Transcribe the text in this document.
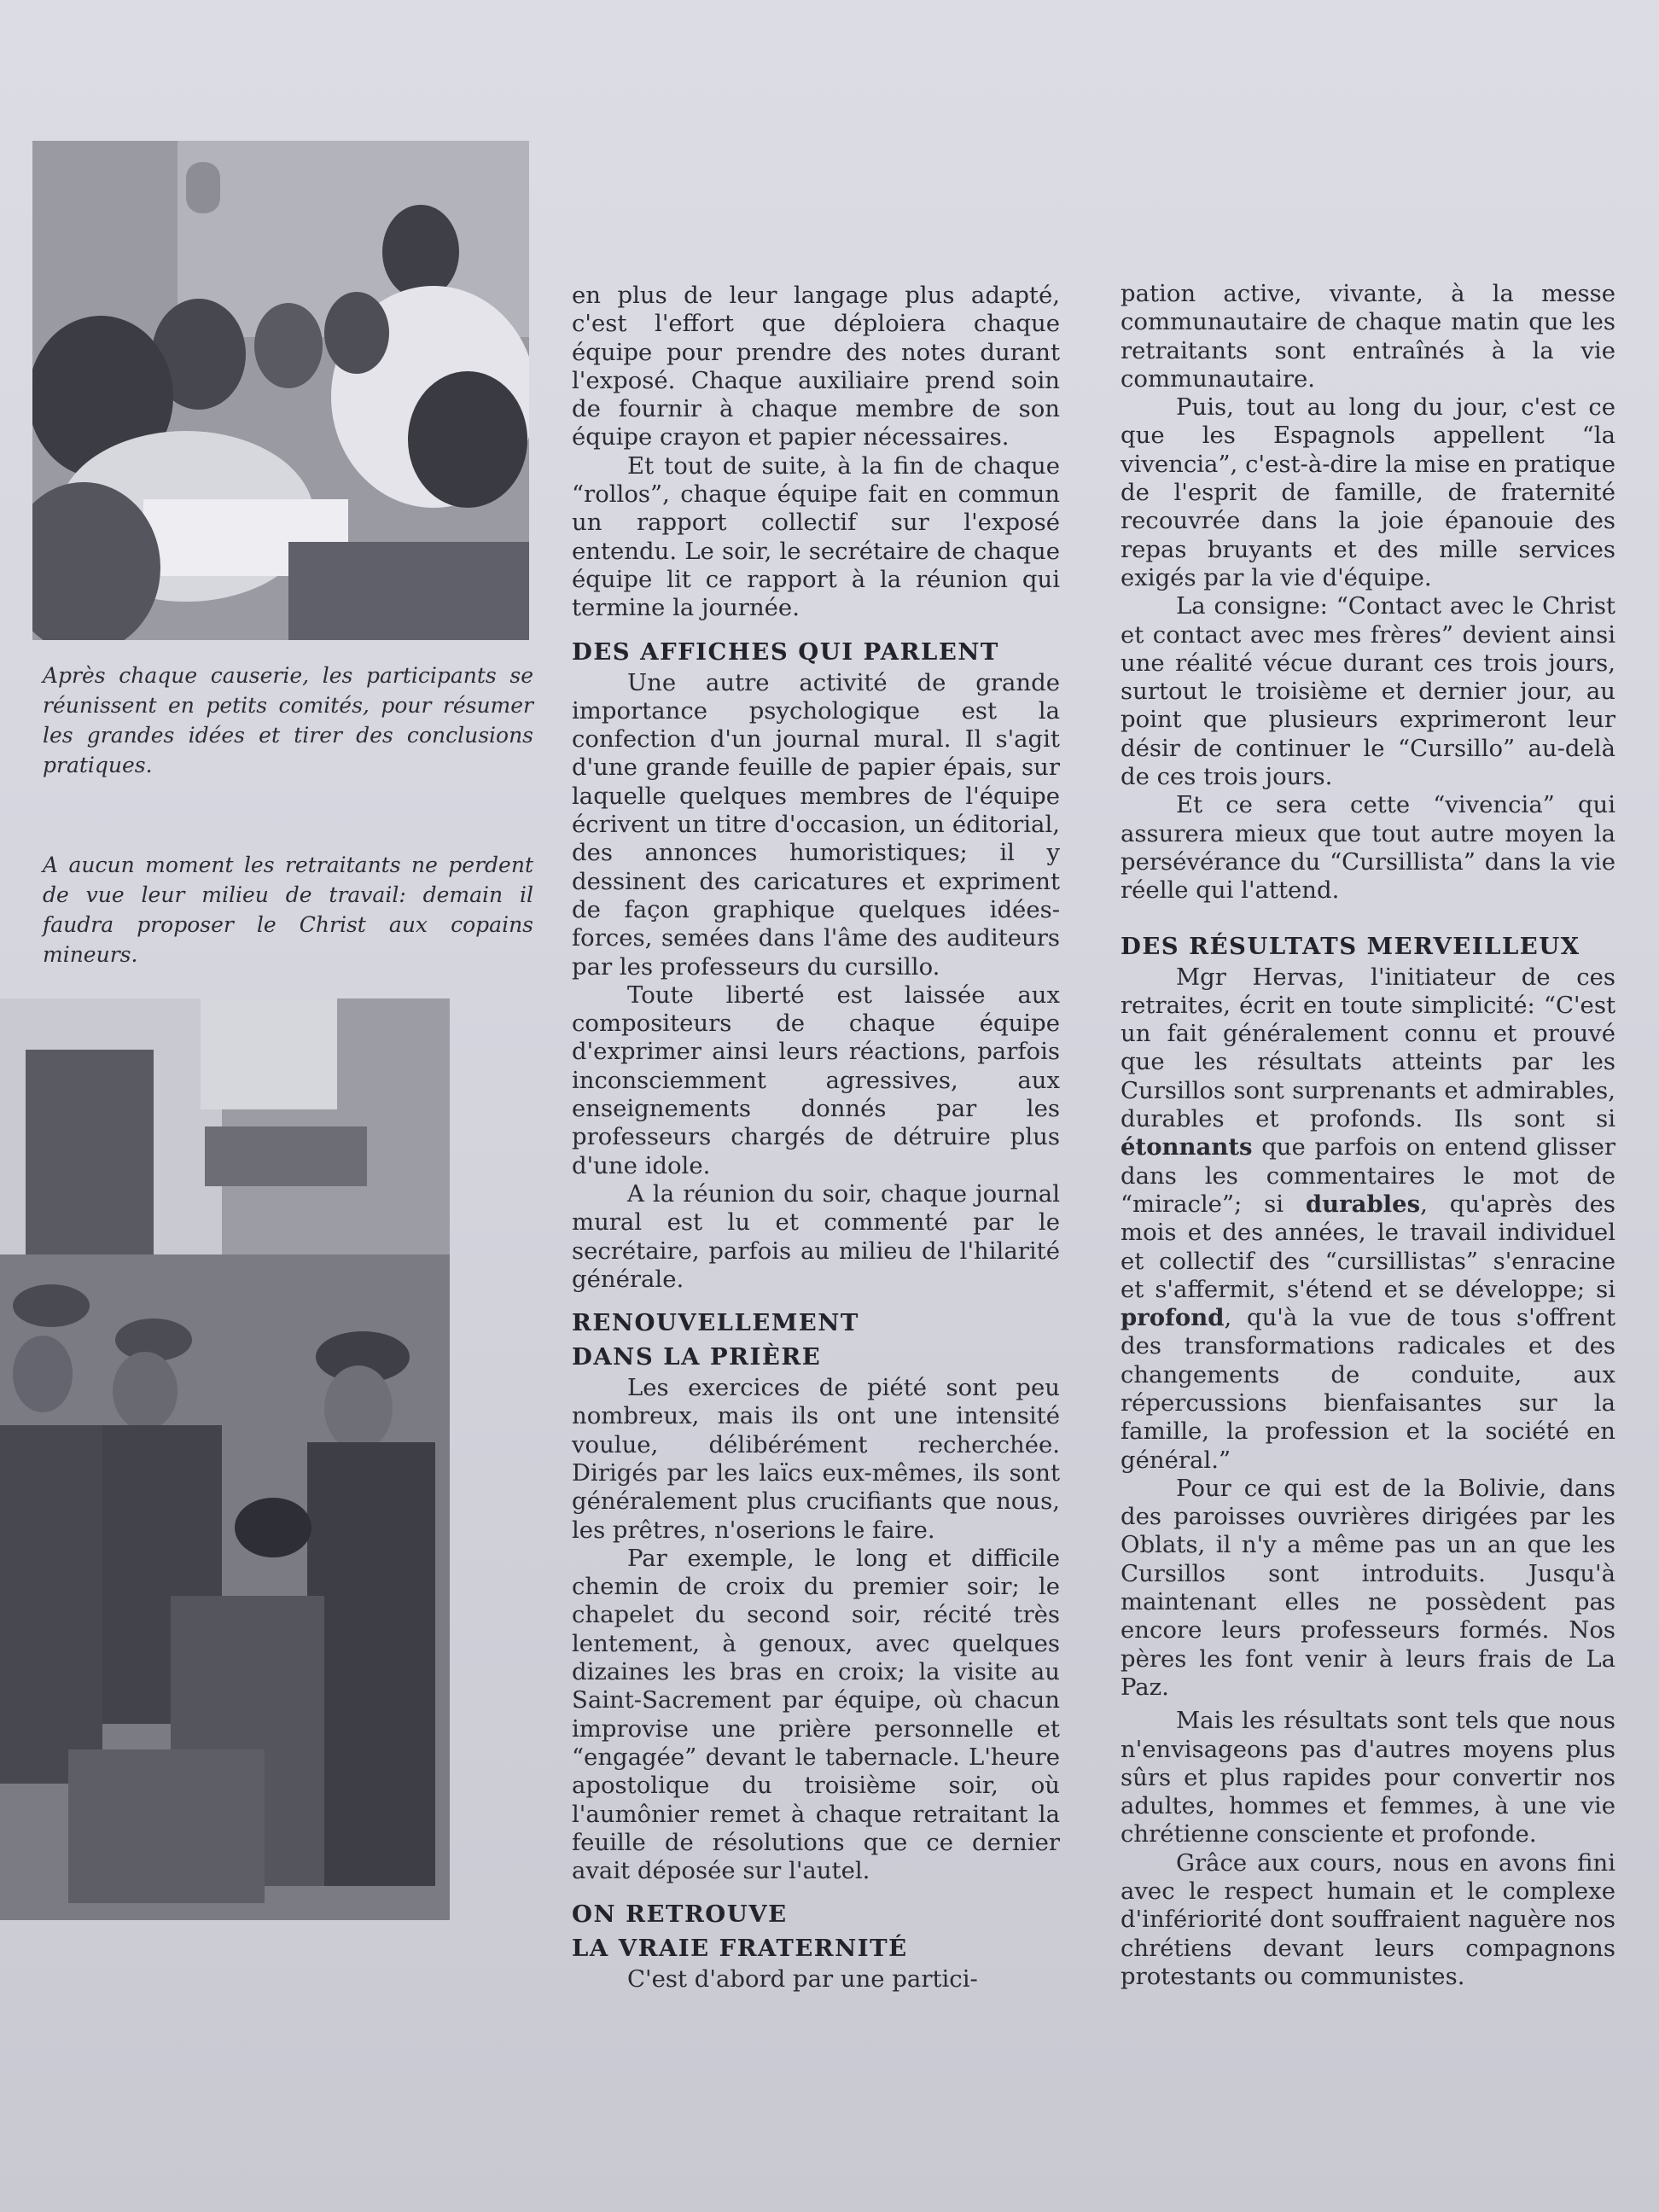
Après chaque causerie, les participants se réunissent en petits comités, pour résumer les grandes idées et tirer des conclusions pratiques.
A aucun moment les retraitants ne perdent de vue leur milieu de travail: demain il faudra proposer le Christ aux copains mineurs.

en plus de leur langage plus adapté, c'est l'effort que déploiera chaque équipe pour prendre des notes durant l'exposé. Chaque auxiliaire prend soin de fournir à chaque membre de son équipe crayon et papier nécessaires.

Et tout de suite, à la fin de chaque “rollos”, chaque équipe fait en commun un rapport collectif sur l'exposé entendu. Le soir, le secrétaire de chaque équipe lit ce rapport à la réunion qui termine la journée.

DES AFFICHES QUI PARLENT

Une autre activité de grande importance psychologique est la confection d'un journal mural. Il s'agit d'une grande feuille de papier épais, sur laquelle quelques membres de l'équipe écrivent un titre d'occasion, un éditorial, des annonces humoristiques; il y dessinent des caricatures et expriment de façon graphique quelques idées-forces, semées dans l'âme des auditeurs par les professeurs du cursillo.

Toute liberté est laissée aux compositeurs de chaque équipe d'exprimer ainsi leurs réactions, parfois inconsciemment agressives, aux enseignements donnés par les professeurs chargés de détruire plus d'une idole.

A la réunion du soir, chaque journal mural est lu et commenté par le secrétaire, parfois au milieu de l'hilarité générale.

RENOUVELLEMENT
DANS LA PRIÈRE

Les exercices de piété sont peu nombreux, mais ils ont une intensité voulue, délibérément recherchée. Dirigés par les laïcs eux-mêmes, ils sont généralement plus crucifiants que nous, les prêtres, n'oserions le faire.

Par exemple, le long et difficile chemin de croix du premier soir; le chapelet du second soir, récité très lentement, à genoux, avec quelques dizaines les bras en croix; la visite au Saint-Sacrement par équipe, où chacun improvise une prière personnelle et “engagée” devant le tabernacle. L'heure apostolique du troisième soir, où l'aumônier remet à chaque retraitant la feuille de résolutions que ce dernier avait déposée sur l'autel.

ON RETROUVE
LA VRAIE FRATERNITÉ

C'est d'abord par une partici-

pation active, vivante, à la messe communautaire de chaque matin que les retraitants sont entraînés à la vie communautaire.

Puis, tout au long du jour, c'est ce que les Espagnols appellent “la vivencia”, c'est-à-dire la mise en pratique de l'esprit de famille, de fraternité recouvrée dans la joie épanouie des repas bruyants et des mille services exigés par la vie d'équipe.

La consigne: “Contact avec le Christ et contact avec mes frères” devient ainsi une réalité vécue durant ces trois jours, surtout le troisième et dernier jour, au point que plusieurs exprimeront leur désir de continuer le “Cursillo” au-delà de ces trois jours.

Et ce sera cette “vivencia” qui assurera mieux que tout autre moyen la persévérance du “Cursillista” dans la vie réelle qui l'attend.

DES RÉSULTATS MERVEILLEUX

Mgr Hervas, l'initiateur de ces retraites, écrit en toute simplicité: “C'est un fait généralement connu et prouvé que les résultats atteints par les Cursillos sont surprenants et admirables, durables et profonds. Ils sont si étonnants que parfois on entend glisser dans les commentaires le mot de “miracle”; si durables, qu'après des mois et des années, le travail individuel et collectif des “cursillistas” s'enracine et s'affermit, s'étend et se développe; si profond, qu'à la vue de tous s'offrent des transformations radicales et des changements de conduite, aux répercussions bienfaisantes sur la famille, la profession et la société en général.”

Pour ce qui est de la Bolivie, dans des paroisses ouvrières dirigées par les Oblats, il n'y a même pas un an que les Cursillos sont introduits. Jusqu'à maintenant elles ne possèdent pas encore leurs professeurs formés. Nos pères les font venir à leurs frais de La Paz.

Mais les résultats sont tels que nous n'envisageons pas d'autres moyens plus sûrs et plus rapides pour convertir nos adultes, hommes et femmes, à une vie chrétienne consciente et profonde.

Grâce aux cours, nous en avons fini avec le respect humain et le complexe d'infériorité dont souffraient naguère nos chrétiens devant leurs compagnons protestants ou communistes.
